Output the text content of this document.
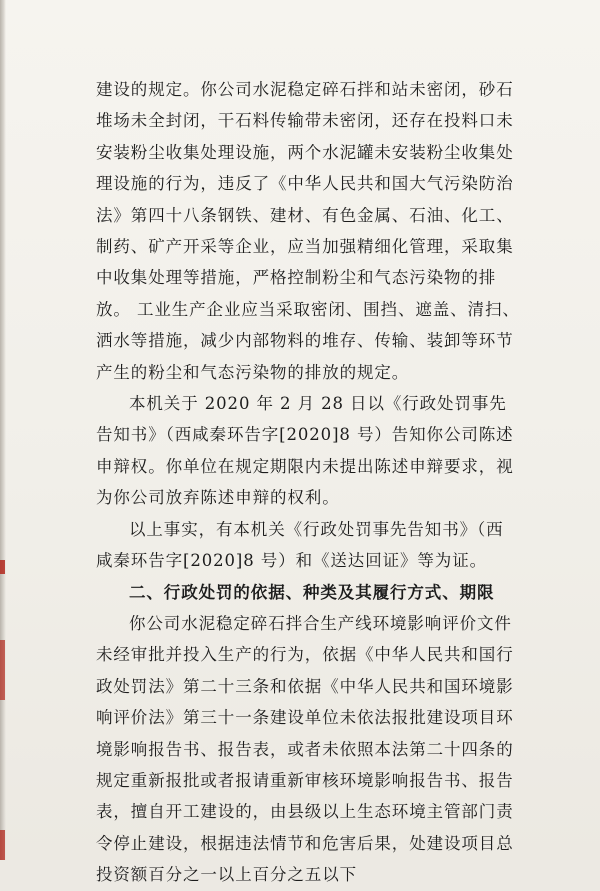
建设的规定。你公司水泥稳定碎石拌和站未密闭，砂石堆场未全封闭，干石料传输带未密闭，还存在投料口未安装粉尘收集处理设施，两个水泥罐未安装粉尘收集处理设施的行为，违反了《中华人民共和国大气污染防治法》第四十八条钢铁、建材、有色金属、石油、化工、制药、矿产开采等企业，应当加强精细化管理，采取集中收集处理等措施，严格控制粉尘和气态污染物的排放。 工业生产企业应当采取密闭、围挡、遮盖、清扫、洒水等措施，减少内部物料的堆存、传输、装卸等环节产生的粉尘和气态污染物的排放的规定。

本机关于 2020 年 2 月 28 日以《行政处罚事先告知书》（西咸秦环告字[2020]8 号）告知你公司陈述申辩权。你单位在规定期限内未提出陈述申辩要求，视为你公司放弃陈述申辩的权利。

以上事实，有本机关《行政处罚事先告知书》（西咸秦环告字[2020]8 号）和《送达回证》等为证。

二、行政处罚的依据、种类及其履行方式、期限

你公司水泥稳定碎石拌合生产线环境影响评价文件未经审批并投入生产的行为，依据《中华人民共和国行政处罚法》第二十三条和依据《中华人民共和国环境影响评价法》第三十一条建设单位未依法报批建设项目环境影响报告书、报告表，或者未依照本法第二十四条的规定重新报批或者报请重新审核环境影响报告书、报告表，擅自开工建设的，由县级以上生态环境主管部门责令停止建设，根据违法情节和危害后果，处建设项目总投资额百分之一以上百分之五以下
